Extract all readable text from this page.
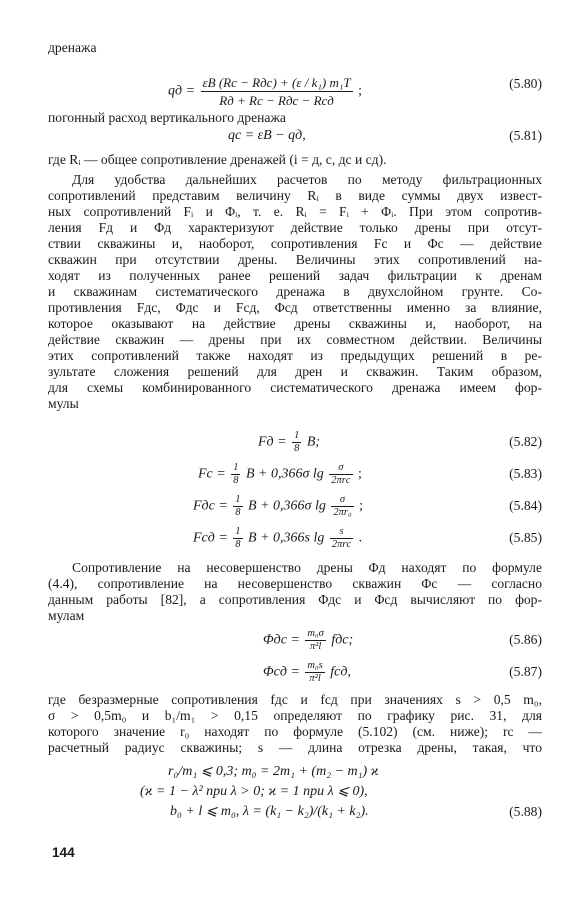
дренажа
qд = $\frac{\text{εB (Rс − Rдс) + (ε / k₁) m₁T}}{\text{Rд + Rс − Rдс − Rсд}}$ ;
(5.80)
погонный расход вертикального дренажа
qс = εB − qд,	(5.81)
где Rᵢ — общее сопротивление дренажей (i = д, с, дс и сд).
Для удобства дальнейших расчетов по методу фильтрационных
сопротивлений представим величину Rᵢ в виде суммы двух извест-
ных сопротивлений Fᵢ и Φᵢ, т. е. Rᵢ = Fᵢ + Φᵢ. При этом сопротив-
ления Fд и Φд характеризуют действие только дрены при отсут-
ствии скважины и, наоборот, сопротивления Fс и Φс — действие
скважин при отсутствии дрены. Величины этих сопротивлений на-
ходят из полученных ранее решений задач фильтрации к дренам
и скважинам систематического дренажа в двухслойном грунте. Со-
противления Fдс, Φдс и Fсд, Φсд ответственны именно за влияние,
которое оказывают на действие дрены скважины и, наоборот, на
действие скважин — дрены при их совместном действии. Величины
этих сопротивлений также находят из предыдущих решений в ре-
зультате сложения решений для дрен и скважин. Таким образом,
для схемы комбинированного систематического дренажа имеем фор-
мулы
Fд = $\frac{1}{8} B$;	(5.82)
Fс = $\frac{1}{8}$ B + 0,366σ $\lg \frac{\sigma}{\text{2πrс}}$ ;	(5.83)
Fдс = $\frac{1}{8}$ B + 0,366σ $\lg \frac{\sigma}{\text{2πr₀}}$ ;	(5.84)
Fсд = $\frac{1}{8}$ B + 0,366s $\lg \frac{s}{\text{2πrс}}$ .	(5.85)
Сопротивление на несовершенство дрены Φд находят по формуле
(4.4), сопротивление на несовершенство скважин Φс — согласно
данным работы [82], а сопротивления Φдс и Φсд вычисляют по фор-
мулам
$\Phi дс = \frac{\text{m₀σ}}{\text{π²l}}$ fдс;	(5.86)
$\Phi сд = \frac{\text{m₀s}}{\text{π²l}}$ fсд,	(5.87)
где безразмерные сопротивления fдс и fсд при значениях s > 0,5 m₀,
σ > 0,5m₀ и b₁/m₁ > 0,15 определяют по графику рис. 31, для
которого значение r₀ находят по формуле (5.102) (см. ниже); rс —
расчетный радиус скважины; s — длина отрезка дрены, такая, что
r₀/m₁ ⩽ 0,3; m₀ = 2m₁ + (m₂ − m₁) ϰ
(ϰ = 1 − λ² при λ > 0; ϰ = 1 при λ ⩽ 0),
b₀ + l ⩽ m₀, λ = (k₁ − k₂)/(k₁ + k₂).	(5.88)
144
